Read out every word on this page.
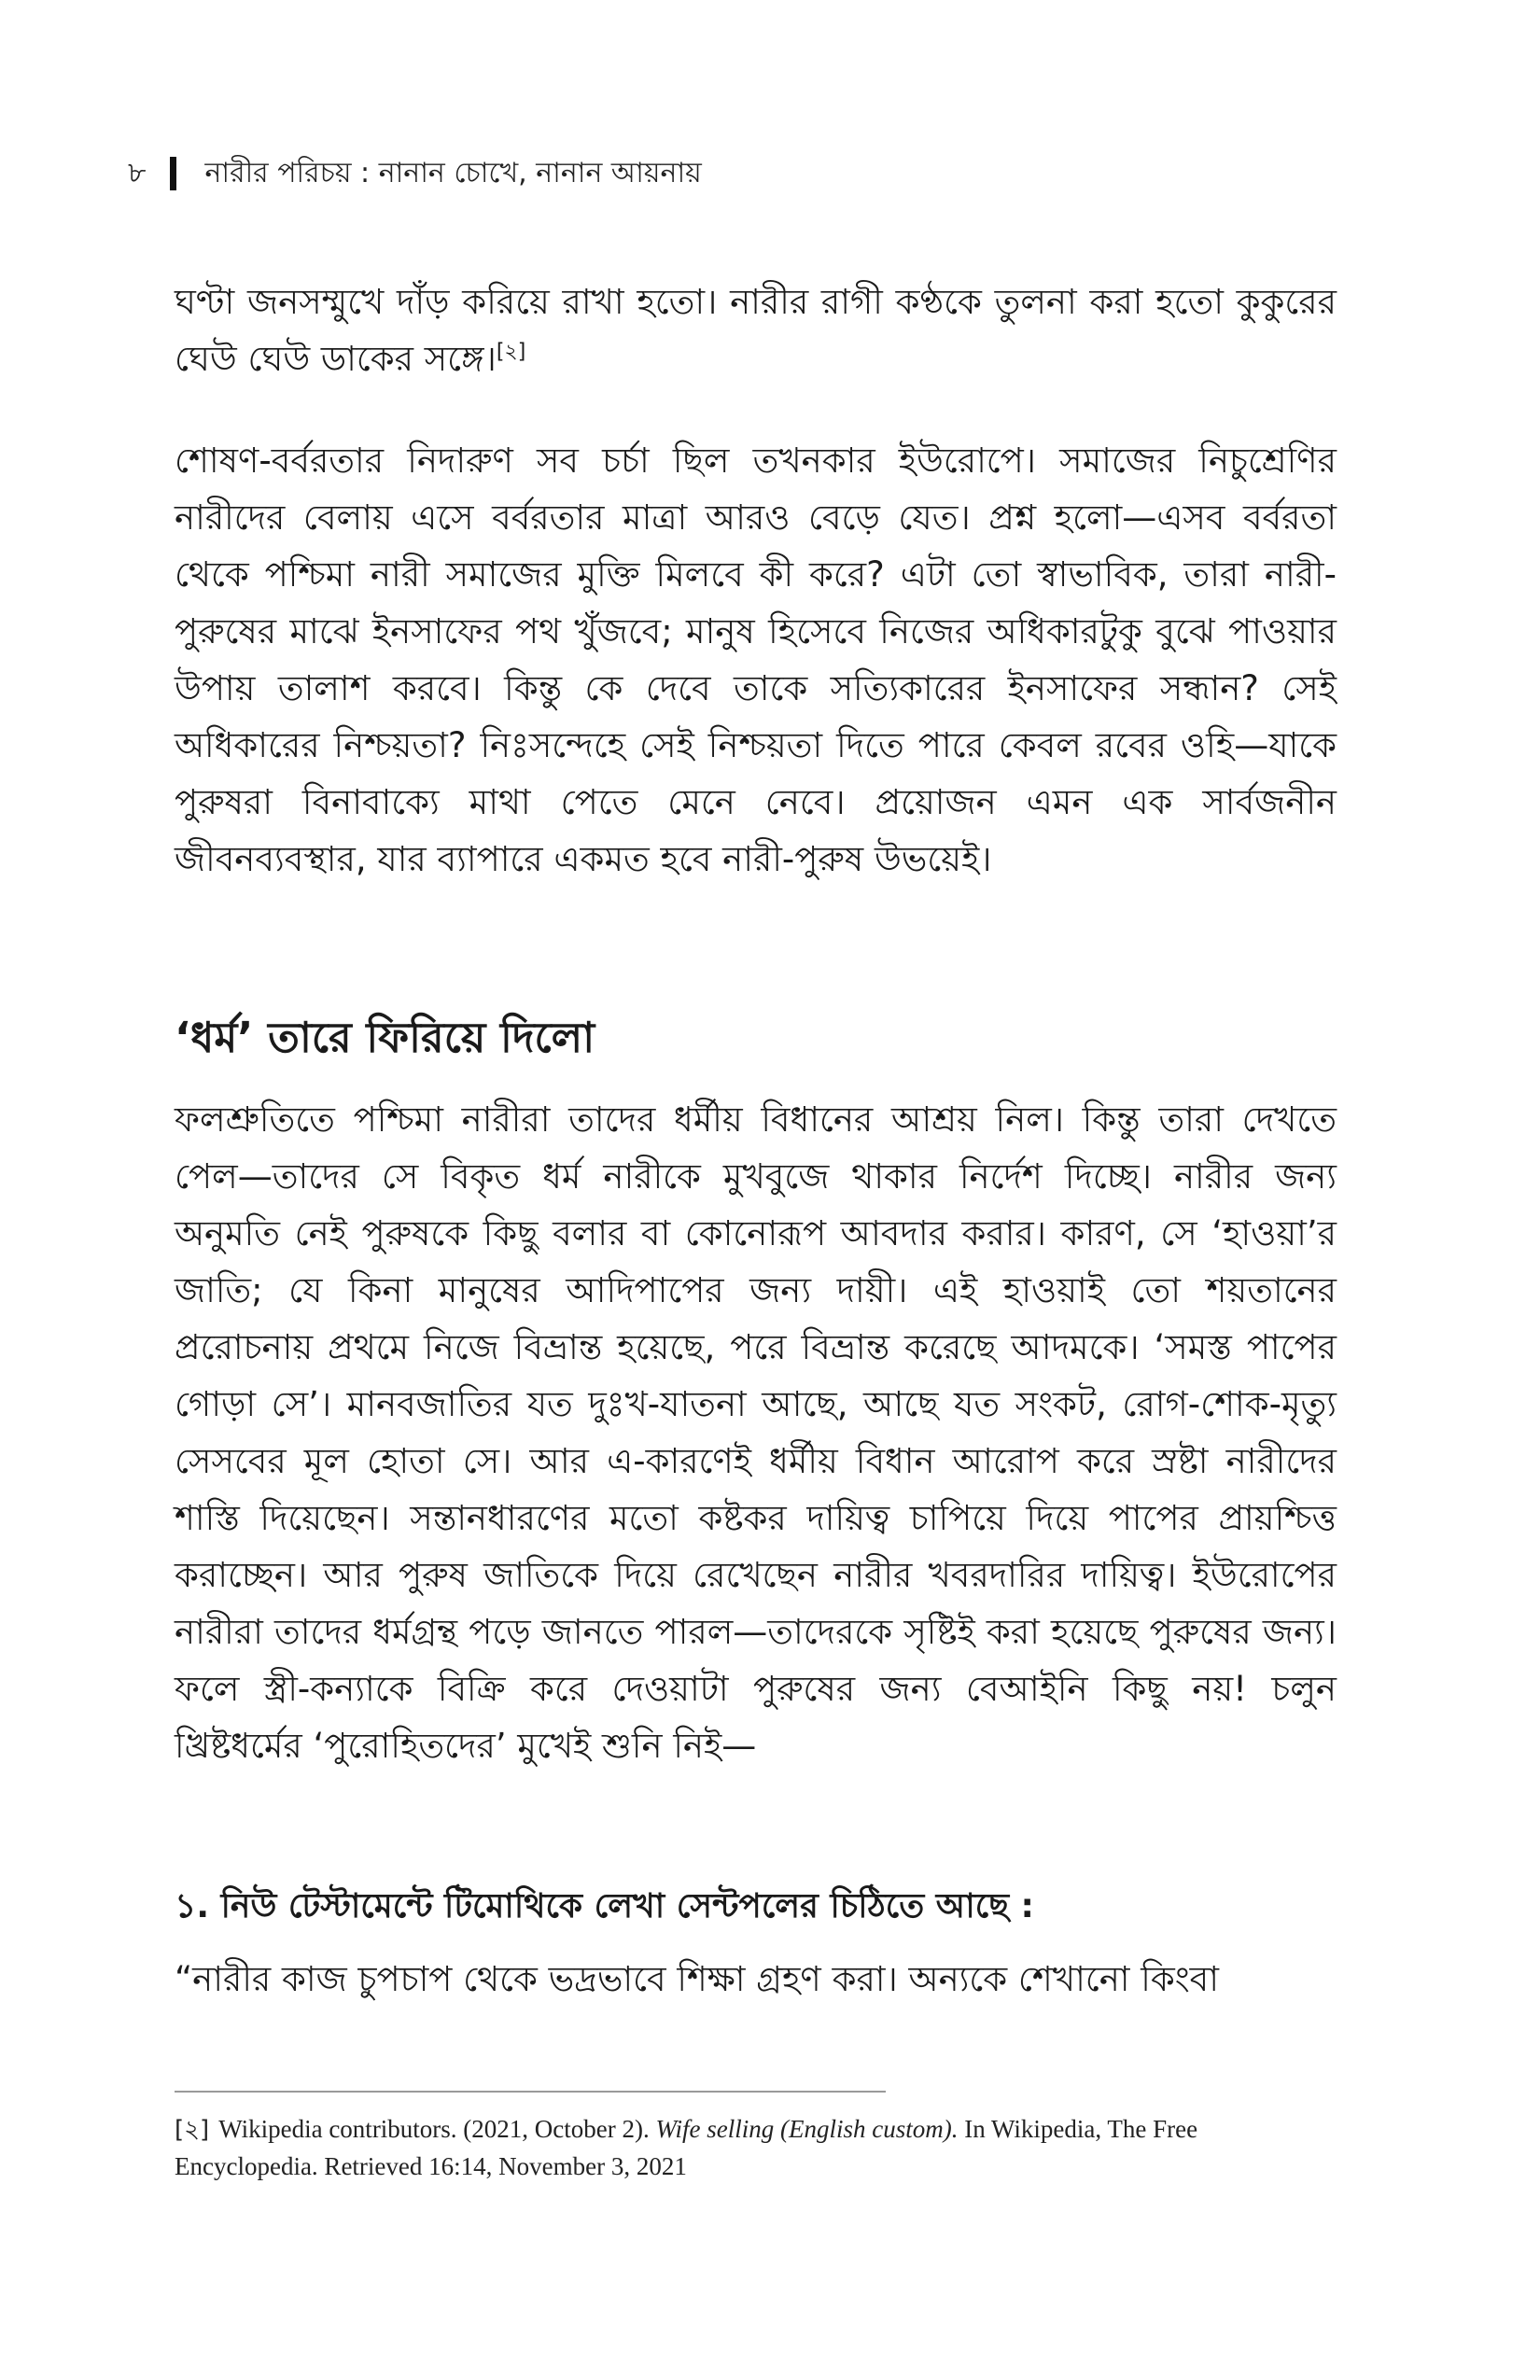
৮ নারীর পরিচয় : নানান চোখে, নানান আয়নায়

ঘণ্টা জনসম্মুখে দাঁড় করিয়ে রাখা হতো। নারীর রাগী কণ্ঠকে তুলনা করা হতো কুকুরের ঘেউ ঘেউ ডাকের সঙ্গে।[২]

শোষণ-বর্বরতার নিদারুণ সব চর্চা ছিল তখনকার ইউরোপে। সমাজের নিচুশ্রেণির নারীদের বেলায় এসে বর্বরতার মাত্রা আরও বেড়ে যেত। প্রশ্ন হলো—এসব বর্বরতা থেকে পশ্চিমা নারী সমাজের মুক্তি মিলবে কী করে? এটা তো স্বাভাবিক, তারা নারী-পুরুষের মাঝে ইনসাফের পথ খুঁজবে; মানুষ হিসেবে নিজের অধিকারটুকু বুঝে পাওয়ার উপায় তালাশ করবে। কিন্তু কে দেবে তাকে সত্যিকারের ইনসাফের সন্ধান? সেই অধিকারের নিশ্চয়তা? নিঃসন্দেহে সেই নিশ্চয়তা দিতে পারে কেবল রবের ওহি—যাকে পুরুষরা বিনাবাক্যে মাথা পেতে মেনে নেবে। প্রয়োজন এমন এক সার্বজনীন জীবনব্যবস্থার, যার ব্যাপারে একমত হবে নারী-পুরুষ উভয়েই।

‘ধর্ম’ তারে ফিরিয়ে দিলো

ফলশ্রুতিতে পশ্চিমা নারীরা তাদের ধর্মীয় বিধানের আশ্রয় নিল। কিন্তু তারা দেখতে পেল—তাদের সে বিকৃত ধর্ম নারীকে মুখবুজে থাকার নির্দেশ দিচ্ছে। নারীর জন্য অনুমতি নেই পুরুষকে কিছু বলার বা কোনোরূপ আবদার করার। কারণ, সে ‘হাওয়া’র জাতি; যে কিনা মানুষের আদিপাপের জন্য দায়ী। এই হাওয়াই তো শয়তানের প্ররোচনায় প্রথমে নিজে বিভ্রান্ত হয়েছে, পরে বিভ্রান্ত করেছে আদমকে। ‘সমস্ত পাপের গোড়া সে’। মানবজাতির যত দুঃখ-যাতনা আছে, আছে যত সংকট, রোগ-শোক-মৃত্যু সেসবের মূল হোতা সে। আর এ-কারণেই ধর্মীয় বিধান আরোপ করে স্রষ্টা নারীদের শাস্তি দিয়েছেন। সন্তানধারণের মতো কষ্টকর দায়িত্ব চাপিয়ে দিয়ে পাপের প্রায়শ্চিত্ত করাচ্ছেন। আর পুরুষ জাতিকে দিয়ে রেখেছেন নারীর খবরদারির দায়িত্ব। ইউরোপের নারীরা তাদের ধর্মগ্রন্থ পড়ে জানতে পারল—তাদেরকে সৃষ্টিই করা হয়েছে পুরুষের জন্য। ফলে স্ত্রী-কন্যাকে বিক্রি করে দেওয়াটা পুরুষের জন্য বেআইনি কিছু নয়! চলুন খ্রিষ্টধর্মের ‘পুরোহিতদের’ মুখেই শুনি নিই—

১. নিউ টেস্টামেন্টে টিমোথিকে লেখা সেন্টপলের চিঠিতে আছে :

“নারীর কাজ চুপচাপ থেকে ভদ্রভাবে শিক্ষা গ্রহণ করা। অন্যকে শেখানো কিংবা

[২] Wikipedia contributors. (2021, October 2). Wife selling (English custom). In Wikipedia, The Free Encyclopedia. Retrieved 16:14, November 3, 2021
